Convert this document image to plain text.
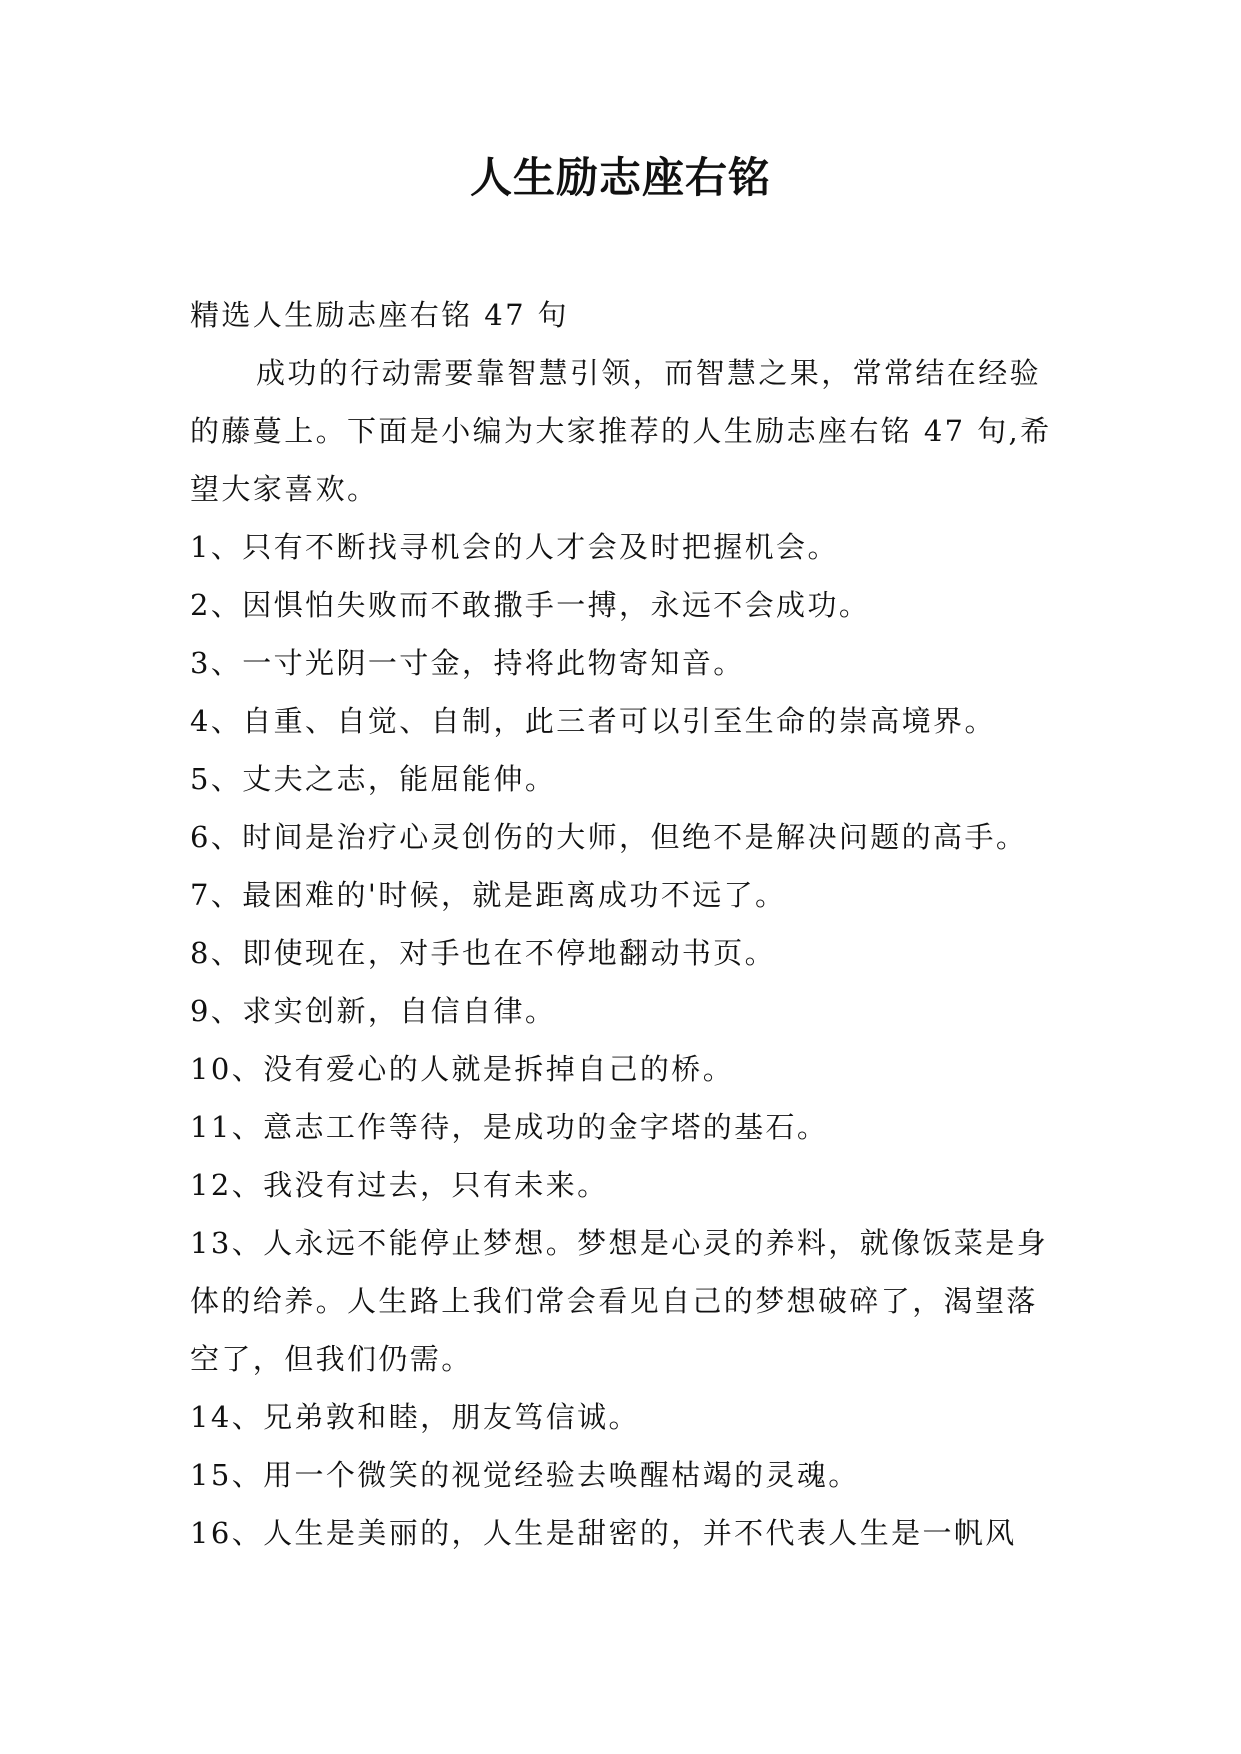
人生励志座右铭

精选人生励志座右铭 47 句

成功的行动需要靠智慧引领，而智慧之果，常常结在经验的藤蔓上。下面是小编为大家推荐的人生励志座右铭 47 句,希望大家喜欢。

1、只有不断找寻机会的人才会及时把握机会。

2、因惧怕失败而不敢撒手一搏，永远不会成功。

3、一寸光阴一寸金，持将此物寄知音。

4、自重、自觉、自制，此三者可以引至生命的崇高境界。

5、丈夫之志，能屈能伸。

6、时间是治疗心灵创伤的大师，但绝不是解决问题的高手。

7、最困难的'时候，就是距离成功不远了。

8、即使现在，对手也在不停地翻动书页。

9、求实创新，自信自律。

10、没有爱心的人就是拆掉自己的桥。

11、意志工作等待，是成功的金字塔的基石。

12、我没有过去，只有未来。

13、人永远不能停止梦想。梦想是心灵的养料，就像饭菜是身体的给养。人生路上我们常会看见自己的梦想破碎了，渴望落空了，但我们仍需。

14、兄弟敦和睦，朋友笃信诚。

15、用一个微笑的视觉经验去唤醒枯竭的灵魂。

16、人生是美丽的，人生是甜密的，并不代表人生是一帆风
